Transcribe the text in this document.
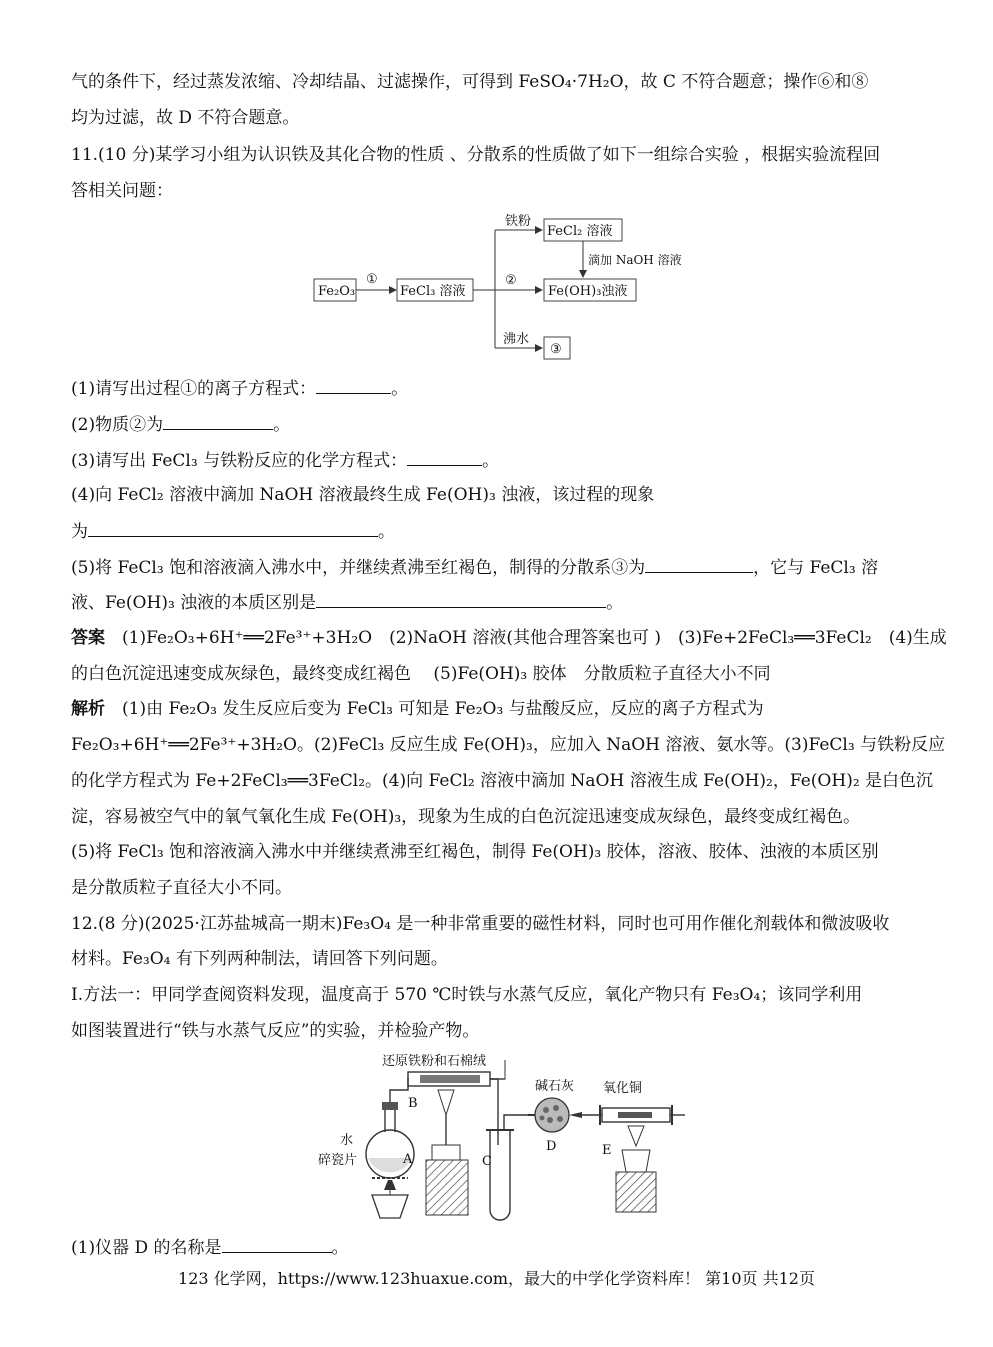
气的条件下，经过蒸发浓缩、冷却结晶、过滤操作，可得到 FeSO₄·7H₂O，故 C 不符合题意；操作⑥和⑧
均为过滤，故 D 不符合题意。
11.(10 分)某学习小组为认识铁及其化合物的性质 、分散系的性质做了如下一组综合实验 ，根据实验流程回
答相关问题：
Fe₂O₃
①
FeCl₃ 溶液
铁粉
FeCl₂ 溶液
滴加 NaOH 溶液
②
Fe(OH)₃浊液
沸水
③
(1)请写出过程①的离子方程式：	。
(2)物质②为	。
(3)请写出 FeCl₃ 与铁粉反应的化学方程式：	。
(4)向 FeCl₂ 溶液中滴加 NaOH 溶液最终生成 Fe(OH)₃ 浊液，该过程的现象
为	。
(5)将 FeCl₃ 饱和溶液滴入沸水中，并继续煮沸至红褐色，制得的分散系③为	，它与 FeCl₃ 溶
液、Fe(OH)₃ 浊液的本质区别是	。
答案　 (1)Fe₂O₃+6H⁺══2Fe³⁺+3H₂O　(2)NaOH 溶液(其他合理答案也可 )　(3)Fe+2FeCl₃══3FeCl₂　(4)生成
的白色沉淀迅速变成灰绿色，最终变成红褐色　 (5)Fe(OH)₃ 胶体　分散质粒子直径大小不同
解析　 (1)由 Fe₂O₃ 发生反应后变为 FeCl₃ 可知是 Fe₂O₃ 与盐酸反应，反应的离子方程式为
Fe₂O₃+6H⁺══2Fe³⁺+3H₂O。(2)FeCl₃ 反应生成 Fe(OH)₃，应加入 NaOH 溶液、氨水等。(3)FeCl₃ 与铁粉反应
的化学方程式为 Fe+2FeCl₃══3FeCl₂。(4)向 FeCl₂ 溶液中滴加 NaOH 溶液生成 Fe(OH)₂，Fe(OH)₂ 是白色沉
淀，容易被空气中的氧气氧化生成 Fe(OH)₃，现象为生成的白色沉淀迅速变成灰绿色，最终变成红褐色。
(5)将 FeCl₃ 饱和溶液滴入沸水中并继续煮沸至红褐色，制得 Fe(OH)₃ 胶体，溶液、胶体、浊液的本质区别
是分散质粒子直径大小不同。
12.(8 分)(2025·江苏盐城高一期末)Fe₃O₄ 是一种非常重要的磁性材料，同时也可用作催化剂载体和微波吸收
材料。Fe₃O₄ 有下列两种制法，请回答下列问题。
Ⅰ.方法一：甲同学查阅资料发现，温度高于 570 ℃时铁与水蒸气反应，氧化产物只有 Fe₃O₄；该同学利用
如图装置进行“铁与水蒸气反应”的实验，并检验产物。
还原铁粉和石棉绒
水
碎瓷片	A
B
C
碱石灰
D
氧化铜
E
(1)仪器 D 的名称是	。
123 化学网，https://www.123huaxue.com，最大的中学化学资料库！ 第10页 共12页
